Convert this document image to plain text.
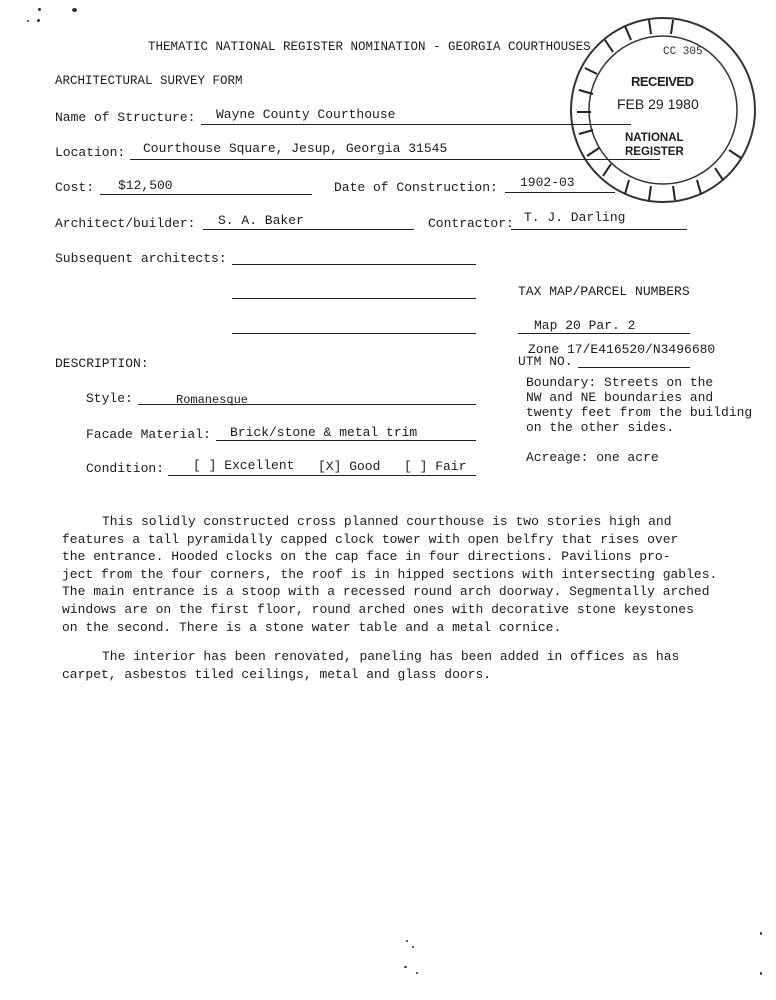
THEMATIC NATIONAL REGISTER NOMINATION - GEORGIA COURTHOUSES
ARCHITECTURAL SURVEY FORM
CC 305
RECEIVED
FEB 29 1980
NATIONAL
REGISTER
Name of Structure: Wayne County Courthouse
Location: Courthouse Square, Jesup, Georgia 31545
Cost: $12,500	Date of Construction: 1902-03
Architect/builder: S. A. Baker	Contractor: T. J. Darling
Subsequent architects:
TAX MAP/PARCEL NUMBERS
Map 20 Par. 2
Zone 17/E416520/N3496680
UTM NO.
Boundary: Streets on the
NW and NE boundaries and
twenty feet from the building
on the other sides.
Acreage: one acre
DESCRIPTION:
Style:	Romanesque
Facade Material: Brick/stone & metal trim
Condition: [ ] Excellent [X] Good [ ] Fair
This solidly constructed cross planned courthouse is two stories high and
features a tall pyramidally capped clock tower with open belfry that rises over
the entrance. Hooded clocks on the cap face in four directions. Pavilions pro-
ject from the four corners, the roof is in hipped sections with intersecting gables.
The main entrance is a stoop with a recessed round arch doorway. Segmentally arched
windows are on the first floor, round arched ones with decorative stone keystones
on the second. There is a stone water table and a metal cornice.
The interior has been renovated, paneling has been added in offices as has
carpet, asbestos tiled ceilings, metal and glass doors.
